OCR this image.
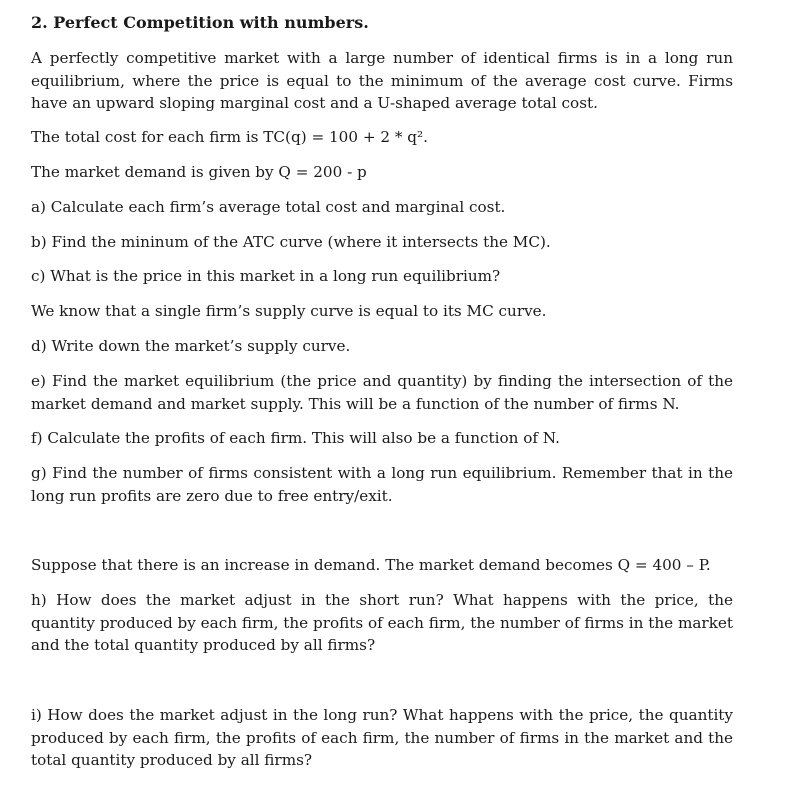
2. Perfect Competition with numbers.
A perfectly competitive market with a large number of identical firms is in a long run equilibrium, where the price is equal to the minimum of the average cost curve. Firms have an upward sloping marginal cost and a U-shaped average total cost.
The total cost for each firm is TC(q) = 100 + 2 * q².
The market demand is given by Q = 200 - p
a) Calculate each firm’s average total cost and marginal cost.
b) Find the mininum of the ATC curve (where it intersects the MC).
c) What is the price in this market in a long run equilibrium?
We know that a single firm’s supply curve is equal to its MC curve.
d) Write down the market’s supply curve.
e) Find the market equilibrium (the price and quantity) by finding the intersection of the market demand and market supply. This will be a function of the number of firms N.
f) Calculate the profits of each firm. This will also be a function of N.
g) Find the number of firms consistent with a long run equilibrium. Remember that in the long run profits are zero due to free entry/exit.
Suppose that there is an increase in demand. The market demand becomes Q = 400 – P.
h) How does the market adjust in the short run? What happens with the price, the quantity produced by each firm, the profits of each firm, the number of firms in the market and the total quantity produced by all firms?
i) How does the market adjust in the long run? What happens with the price, the quantity produced by each firm, the profits of each firm, the number of firms in the market and the total quantity produced by all firms?
